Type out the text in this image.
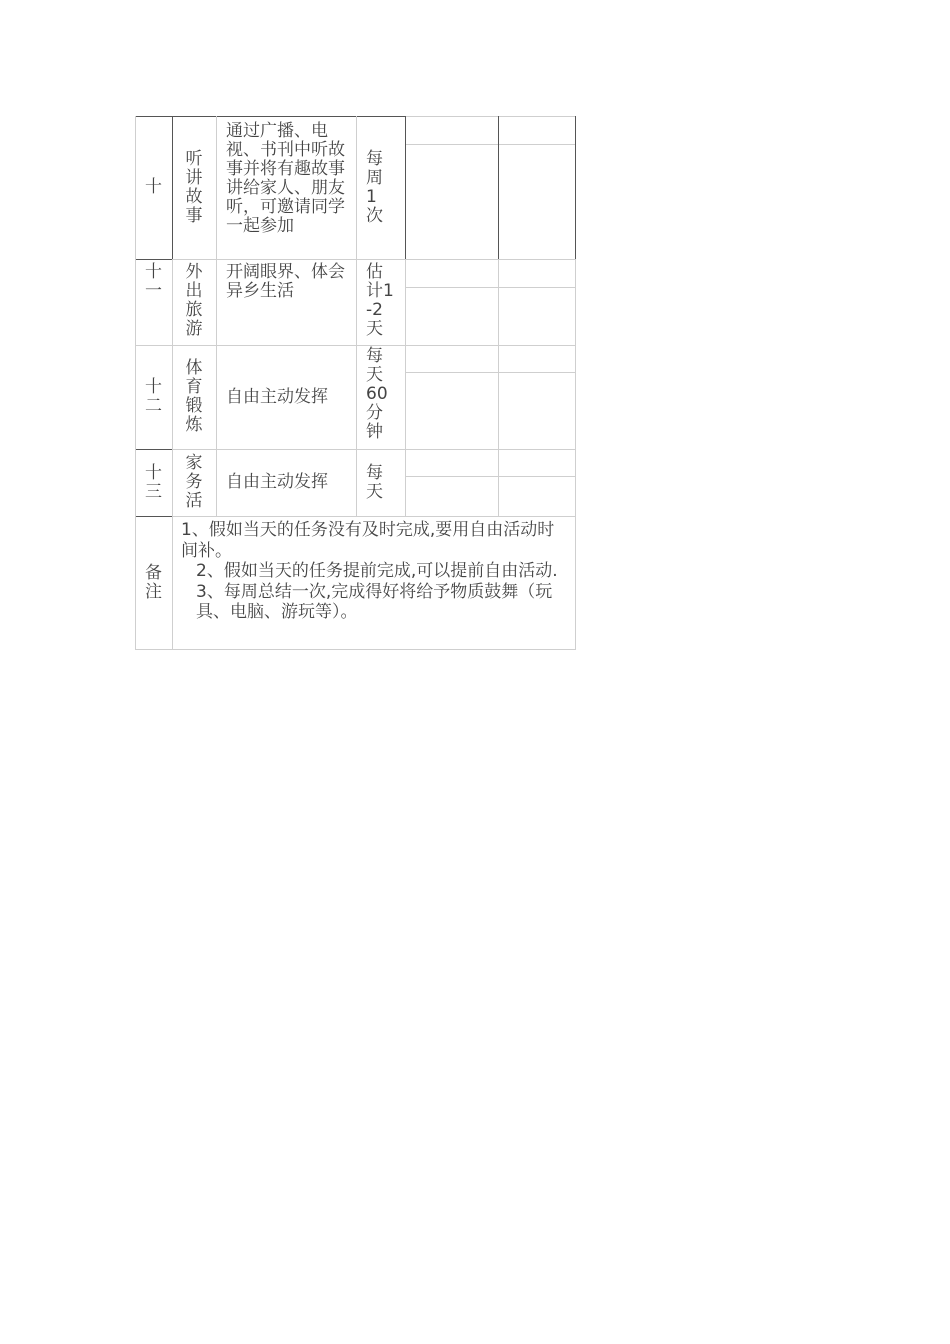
十
听讲故事
通过广播、电视、书刊中听故事并将有趣故事讲给家人、朋友听，可邀请同学一起参加
每周1次
十一
外出旅游
开阔眼界、体会异乡生活
估计1-2天
十二
体育锻炼
自由主动发挥
每天60分钟
十三
家务活
自由主动发挥 每天
备注

1、假如当天的任务没有及时完成,要用自由活动时间补。

2、假如当天的任务提前完成,可以提前自由活动.

3、每周总结一次,完成得好将给予物质鼓舞（玩具、电脑、游玩等）。
